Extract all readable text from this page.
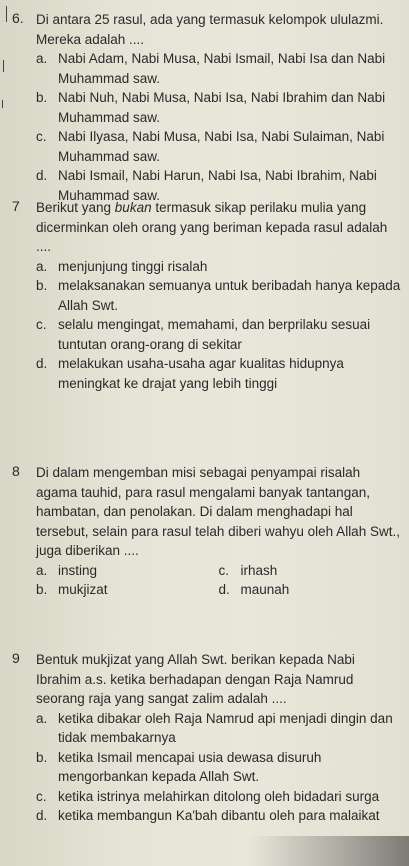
6. Di antara 25 rasul, ada yang termasuk kelompok ululazmi. Mereka adalah ....
a. Nabi Adam, Nabi Musa, Nabi Ismail, Nabi Isa dan Nabi Muhammad saw.
b. Nabi Nuh, Nabi Musa, Nabi Isa, Nabi Ibrahim dan Nabi Muhammad saw.
c. Nabi Ilyasa, Nabi Musa, Nabi Isa, Nabi Sulaiman, Nabi Muhammad saw.
d. Nabi Ismail, Nabi Harun, Nabi Isa, Nabi Ibrahim, Nabi Muhammad saw.
7	Berikut yang bukan termasuk sikap perilaku mulia yang dicerminkan oleh orang yang beriman kepada rasul adalah ....
a. menjunjung tinggi risalah
b. melaksanakan semuanya untuk beribadah hanya kepada Allah Swt.
c. selalu mengingat, memahami, dan berprilaku sesuai tuntutan orang-orang di sekitar
d. melakukan usaha-usaha agar kualitas hidupnya meningkat ke drajat yang lebih tinggi
8	Di dalam mengemban misi sebagai penyampai risalah agama tauhid, para rasul mengalami banyak tantangan, hambatan, dan penolakan. Di dalam menghadapi hal tersebut, selain para rasul telah diberi wahyu oleh Allah Swt., juga diberikan ....
a. insting	c. irhash
b. mukjizat	d. maunah
9	Bentuk mukjizat yang Allah Swt. berikan kepada Nabi Ibrahim a.s. ketika berhadapan dengan Raja Namrud seorang raja yang sangat zalim adalah ....
a. ketika dibakar oleh Raja Namrud api menjadi dingin dan tidak membakarnya
b. ketika Ismail mencapai usia dewasa disuruh mengorbankan kepada Allah Swt.
c. ketika istrinya melahirkan ditolong oleh bidadari surga
d. ketika membangun Ka'bah dibantu oleh para malaikat
